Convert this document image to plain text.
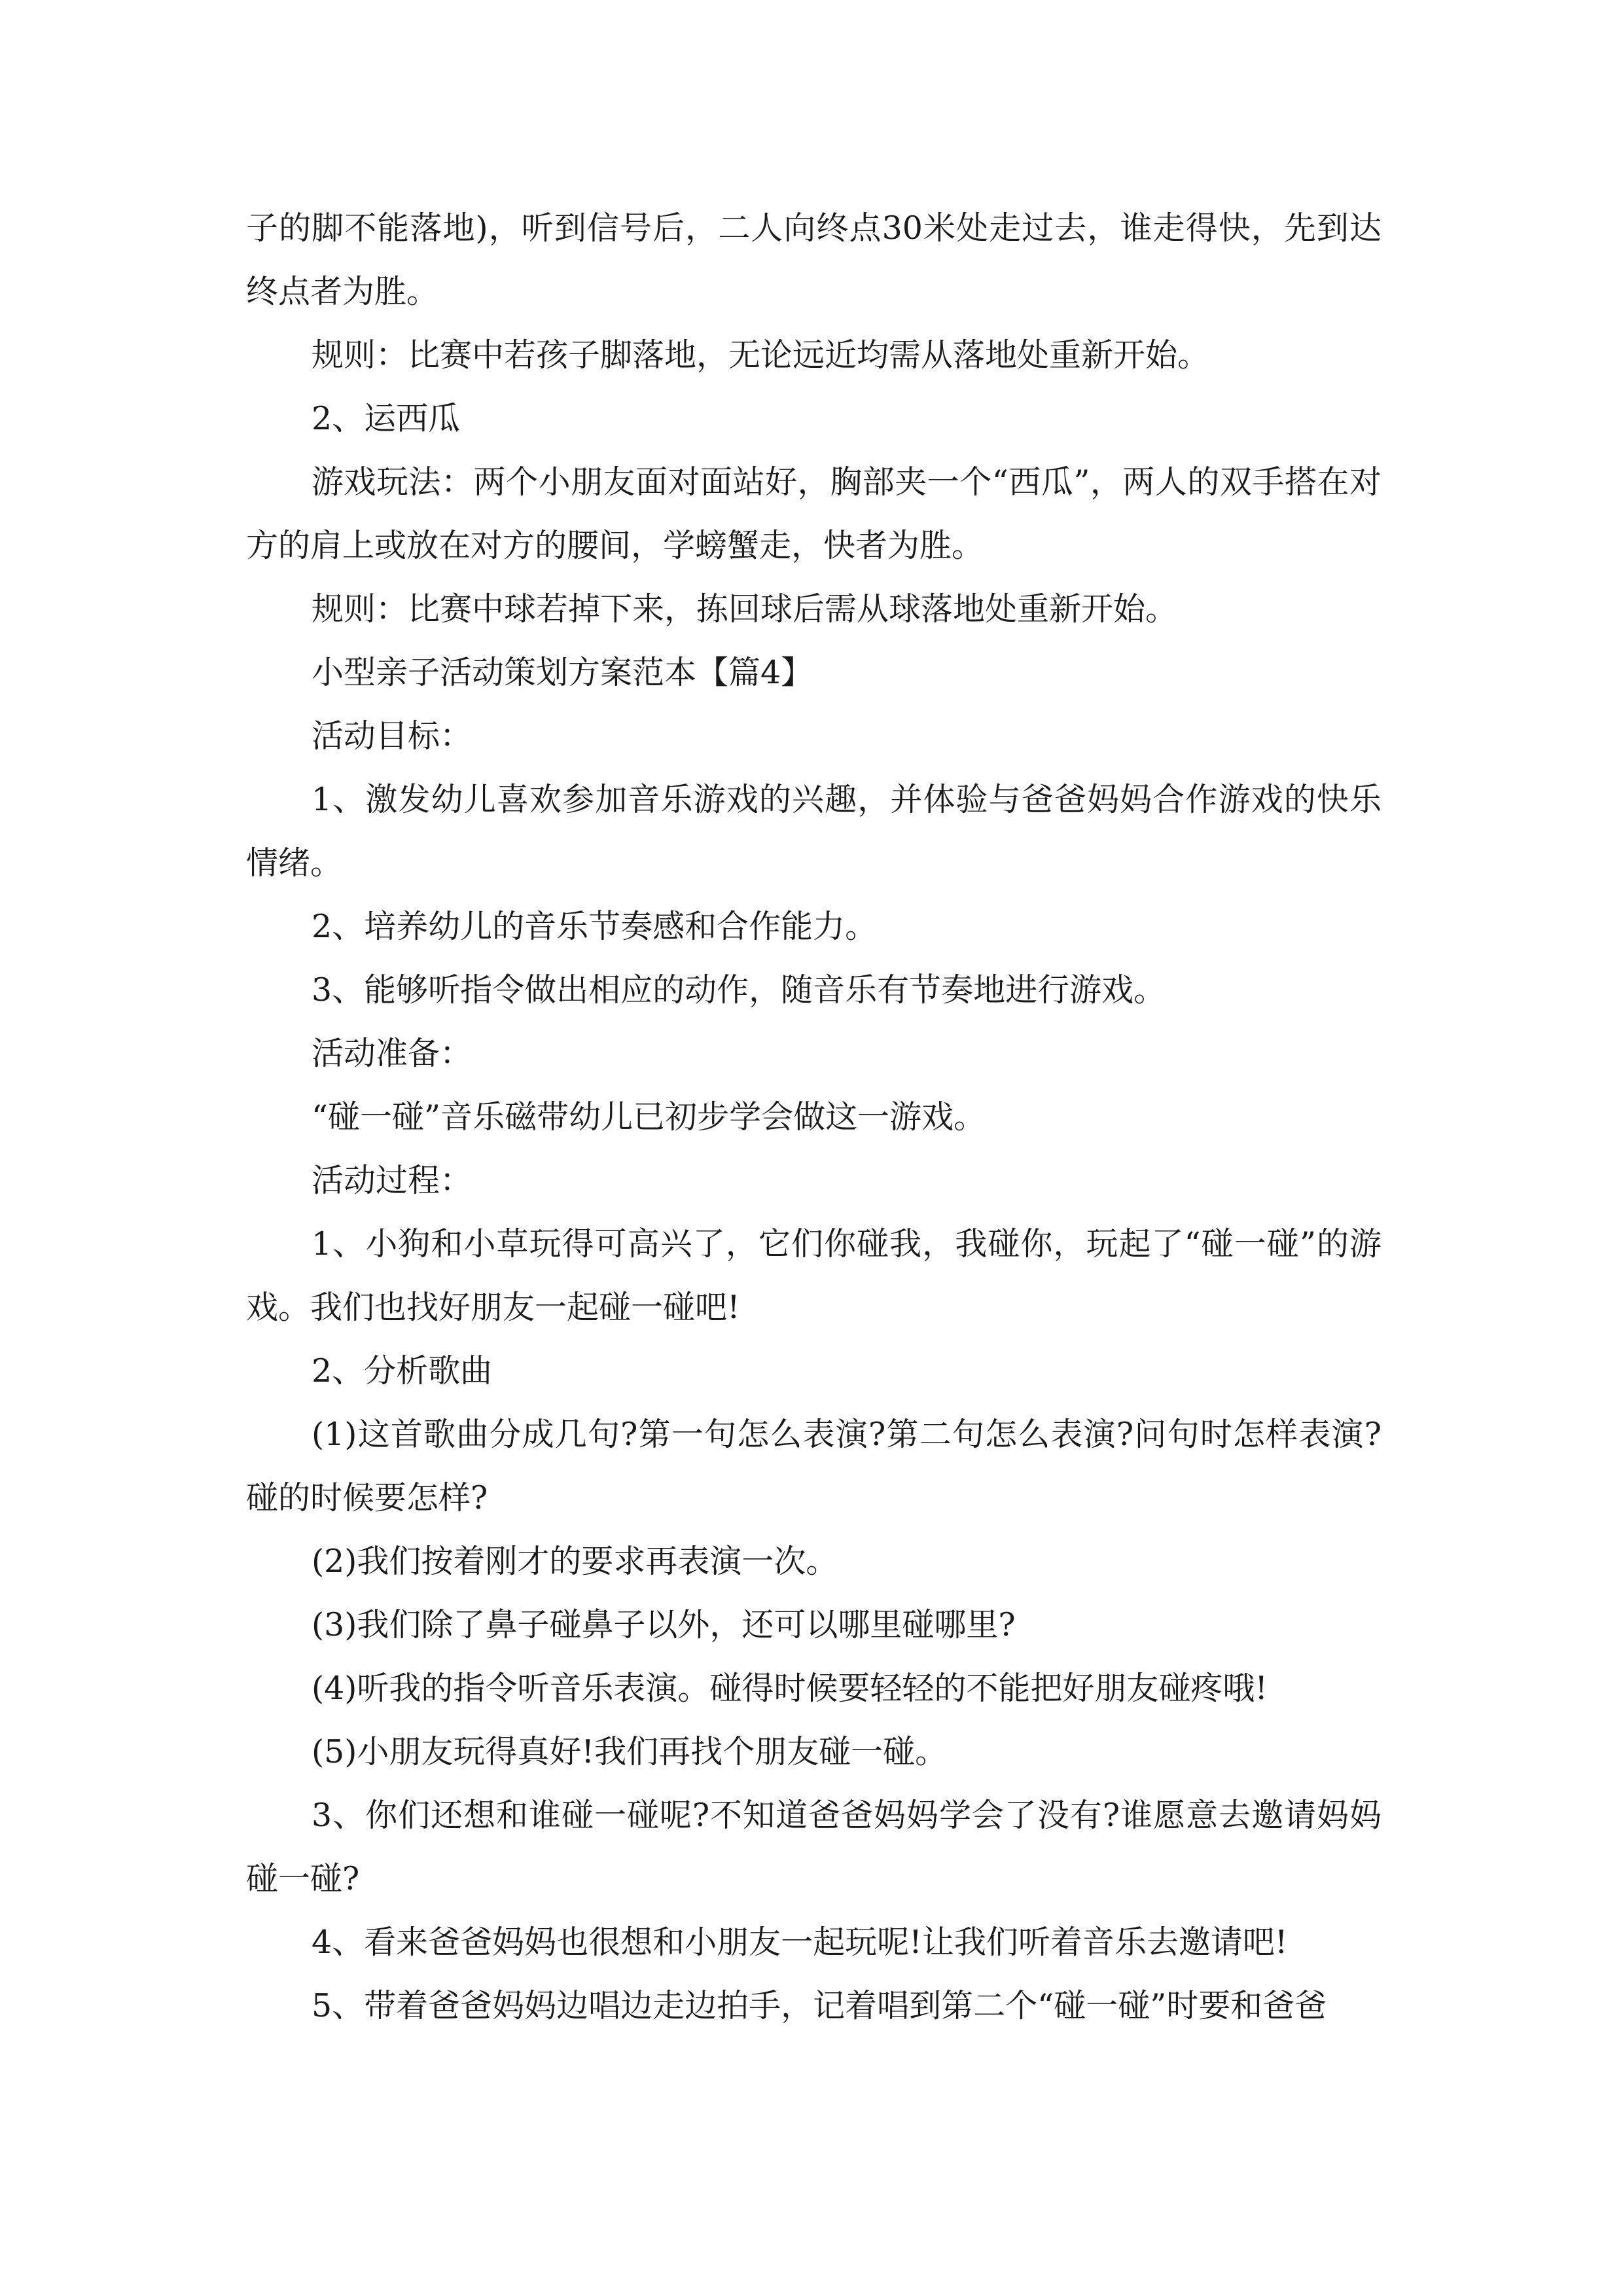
子的脚不能落地)，听到信号后，二人向终点30米处走过去，谁走得快，先到达终点者为胜。

规则：比赛中若孩子脚落地，无论远近均需从落地处重新开始。

2、运西瓜

游戏玩法：两个小朋友面对面站好，胸部夹一个“西瓜”，两人的双手搭在对方的肩上或放在对方的腰间，学螃蟹走，快者为胜。

规则：比赛中球若掉下来，拣回球后需从球落地处重新开始。

小型亲子活动策划方案范本【篇4】

活动目标：

1、激发幼儿喜欢参加音乐游戏的兴趣，并体验与爸爸妈妈合作游戏的快乐情绪。

2、培养幼儿的音乐节奏感和合作能力。

3、能够听指令做出相应的动作，随音乐有节奏地进行游戏。

活动准备：

“碰一碰”音乐磁带幼儿已初步学会做这一游戏。

活动过程：

1、小狗和小草玩得可高兴了，它们你碰我，我碰你，玩起了“碰一碰”的游戏。我们也找好朋友一起碰一碰吧!

2、分析歌曲

(1)这首歌曲分成几句?第一句怎么表演?第二句怎么表演?问句时怎样表演?碰的时候要怎样?

(2)我们按着刚才的要求再表演一次。

(3)我们除了鼻子碰鼻子以外，还可以哪里碰哪里?

(4)听我的指令听音乐表演。碰得时候要轻轻的不能把好朋友碰疼哦!

(5)小朋友玩得真好!我们再找个朋友碰一碰。

3、你们还想和谁碰一碰呢?不知道爸爸妈妈学会了没有?谁愿意去邀请妈妈碰一碰?

4、看来爸爸妈妈也很想和小朋友一起玩呢!让我们听着音乐去邀请吧!

5、带着爸爸妈妈边唱边走边拍手，记着唱到第二个“碰一碰”时要和爸爸
